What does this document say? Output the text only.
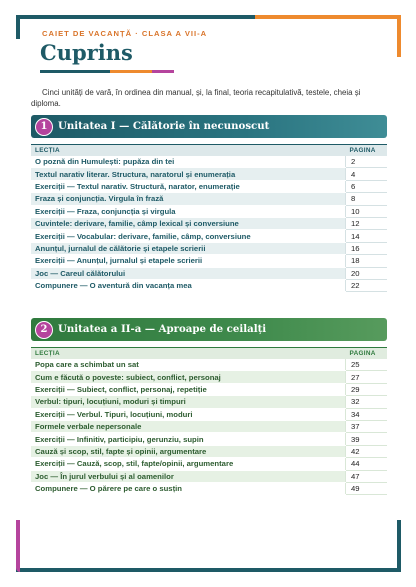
CAIET DE VACANȚĂ · CLASA A VII-A
Cuprins
Cinci unități de vară, în ordinea din manual, și, la final, teoria recapitulativă, testele, cheia și diploma.
1	Unitatea I — Călătorie în necunoscut
LECȚIA	PAGINA
O poznă din Humulești: pupăza din tei	2
Textul narativ literar. Structura, naratorul și enumerația	4
Exerciții — Textul narativ. Structură, narator, enumerație	6
Fraza și conjuncția. Virgula în frază	8
Exerciții — Fraza, conjuncția și virgula	10
Cuvintele: derivare, familie, câmp lexical și conversiune	12
Exerciții — Vocabular: derivare, familie, câmp, conversiune	14
Anunțul, jurnalul de călătorie și etapele scrierii	16
Exerciții — Anunțul, jurnalul și etapele scrierii	18
Joc — Careul călătorului	20
Compunere — O aventură din vacanța mea	22
2	Unitatea a II-a — Aproape de ceilalți
LECȚIA	PAGINA
Popa care a schimbat un sat	25
Cum e făcută o poveste: subiect, conflict, personaj	27
Exerciții — Subiect, conflict, personaj, repetiție	29
Verbul: tipuri, locuțiuni, moduri și timpuri	32
Exerciții — Verbul. Tipuri, locuțiuni, moduri	34
Formele verbale nepersonale	37
Exerciții — Infinitiv, participiu, gerunziu, supin	39
Cauză și scop, stil, fapte și opinii, argumentare	42
Exerciții — Cauză, scop, stil, fapte/opinii, argumentare	44
Joc — În jurul verbului și al oamenilor	47
Compunere — O părere pe care o susțin	49
